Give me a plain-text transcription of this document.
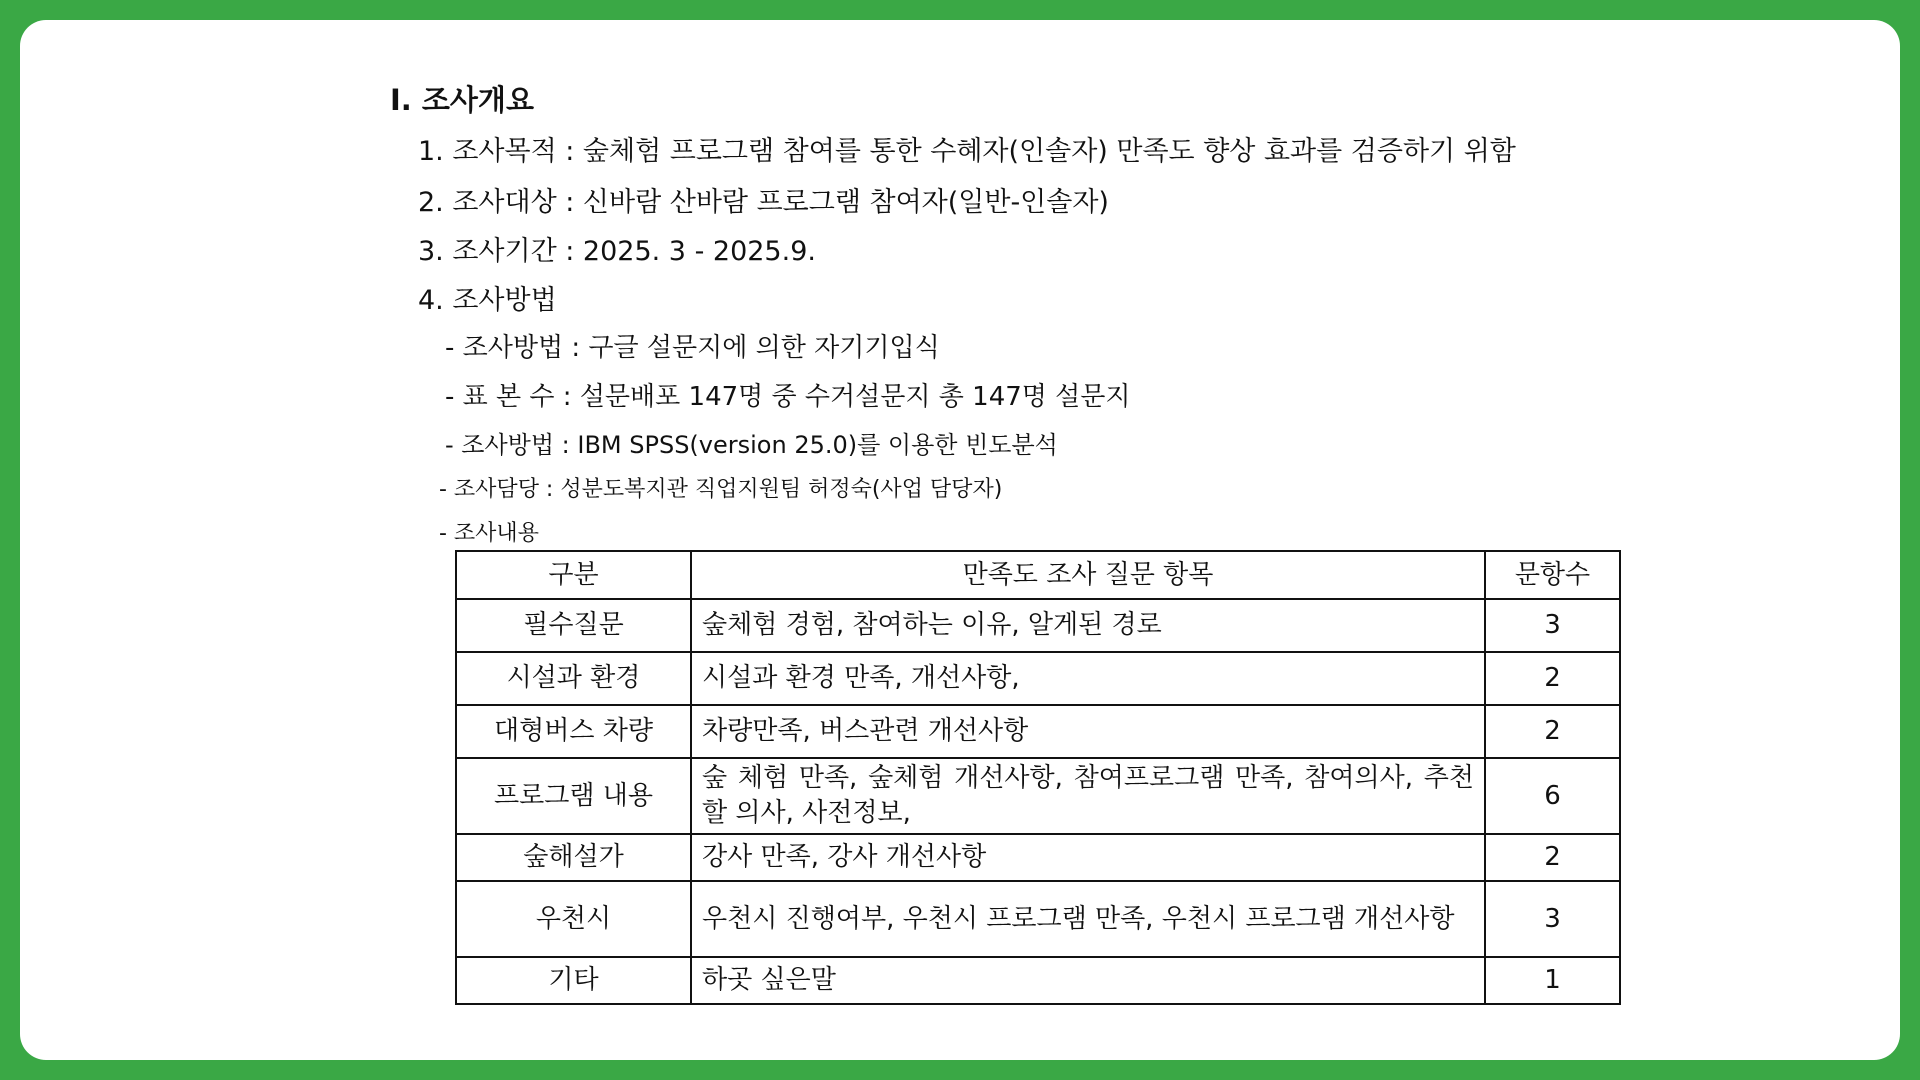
I. 조사개요
1. 조사목적 : 숲체험 프로그램 참여를 통한 수혜자(인솔자) 만족도 향상 효과를 검증하기 위함
2. 조사대상 : 신바람 산바람 프로그램 참여자(일반-인솔자)
3. 조사기간 : 2025. 3 - 2025.9.
4. 조사방법
- 조사방법 : 구글 설문지에 의한 자기기입식
- 표 본 수 : 설문배포 147명 중 수거설문지 총 147명 설문지
- 조사방법 : IBM SPSS(version 25.0)를 이용한 빈도분석
- 조사담당 : 성분도복지관 직업지원팀 허정숙(사업 담당자)
- 조사내용
구분	만족도 조사 질문 항목	문항수
필수질문	숲체험 경험, 참여하는 이유, 알게된 경로	3
시설과 환경	시설과 환경 만족, 개선사항,	2
대형버스 차량	차량만족, 버스관련 개선사항	2
프로그램 내용	숲 체험 만족, 숲체험 개선사항, 참여프로그램 만족, 참여의사, 추천할 의사, 사전정보,	6
숲해설가	강사 만족, 강사 개선사항	2
우천시	우천시 진행여부, 우천시 프로그램 만족, 우천시 프로그램 개선사항	3
기타	하곳 싶은말	1
